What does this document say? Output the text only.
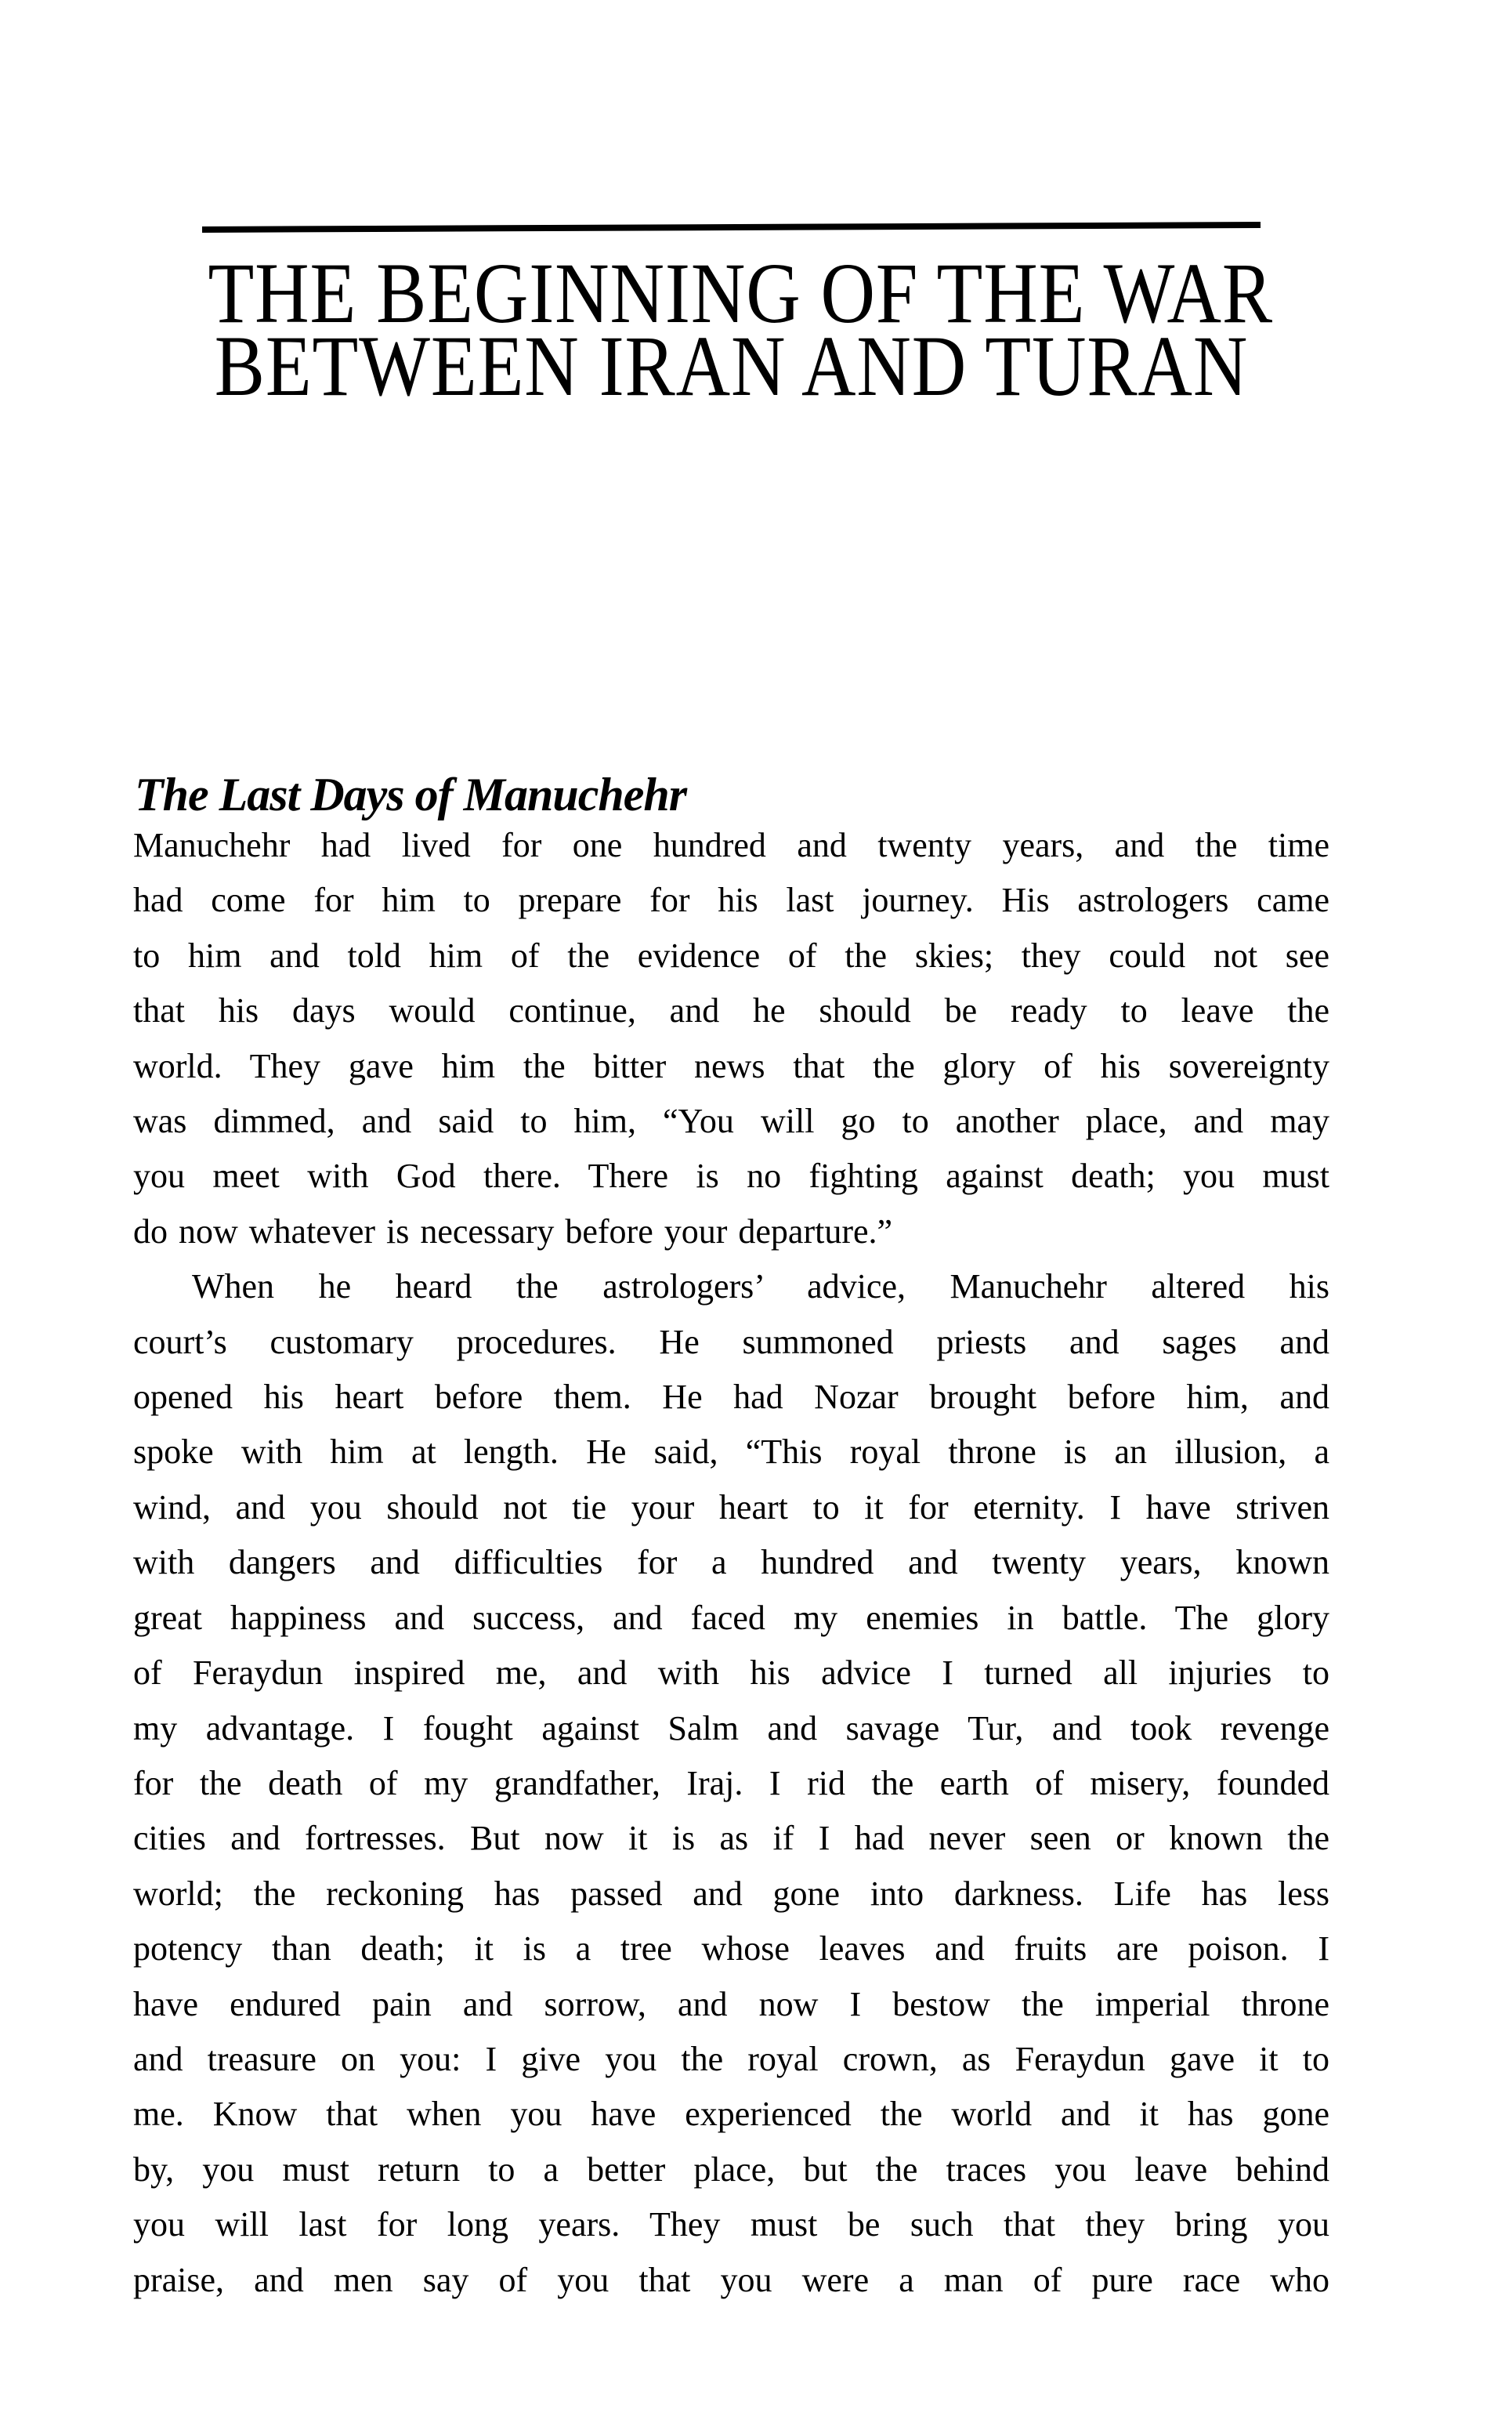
THE BEGINNING OF THE WAR
BETWEEN IRAN AND TURAN
The Last Days of Manuchehr
Manuchehr had lived for one hundred and twenty years, and the time
had come for him to prepare for his last journey. His astrologers came
to him and told him of the evidence of the skies; they could not see
that his days would continue, and he should be ready to leave the
world. They gave him the bitter news that the glory of his sovereignty
was dimmed, and said to him, “You will go to another place, and may
you meet with God there. There is no fighting against death; you must
do now whatever is necessary before your departure.”
When he heard the astrologers’ advice, Manuchehr altered his
court’s customary procedures. He summoned priests and sages and
opened his heart before them. He had Nozar brought before him, and
spoke with him at length. He said, “This royal throne is an illusion, a
wind, and you should not tie your heart to it for eternity. I have striven
with dangers and difficulties for a hundred and twenty years, known
great happiness and success, and faced my enemies in battle. The glory
of Feraydun inspired me, and with his advice I turned all injuries to
my advantage. I fought against Salm and savage Tur, and took revenge
for the death of my grandfather, Iraj. I rid the earth of misery, founded
cities and fortresses. But now it is as if I had never seen or known the
world; the reckoning has passed and gone into darkness. Life has less
potency than death; it is a tree whose leaves and fruits are poison. I
have endured pain and sorrow, and now I bestow the imperial throne
and treasure on you: I give you the royal crown, as Feraydun gave it to
me. Know that when you have experienced the world and it has gone
by, you must return to a better place, but the traces you leave behind
you will last for long years. They must be such that they bring you
praise, and men say of you that you were a man of pure race who
